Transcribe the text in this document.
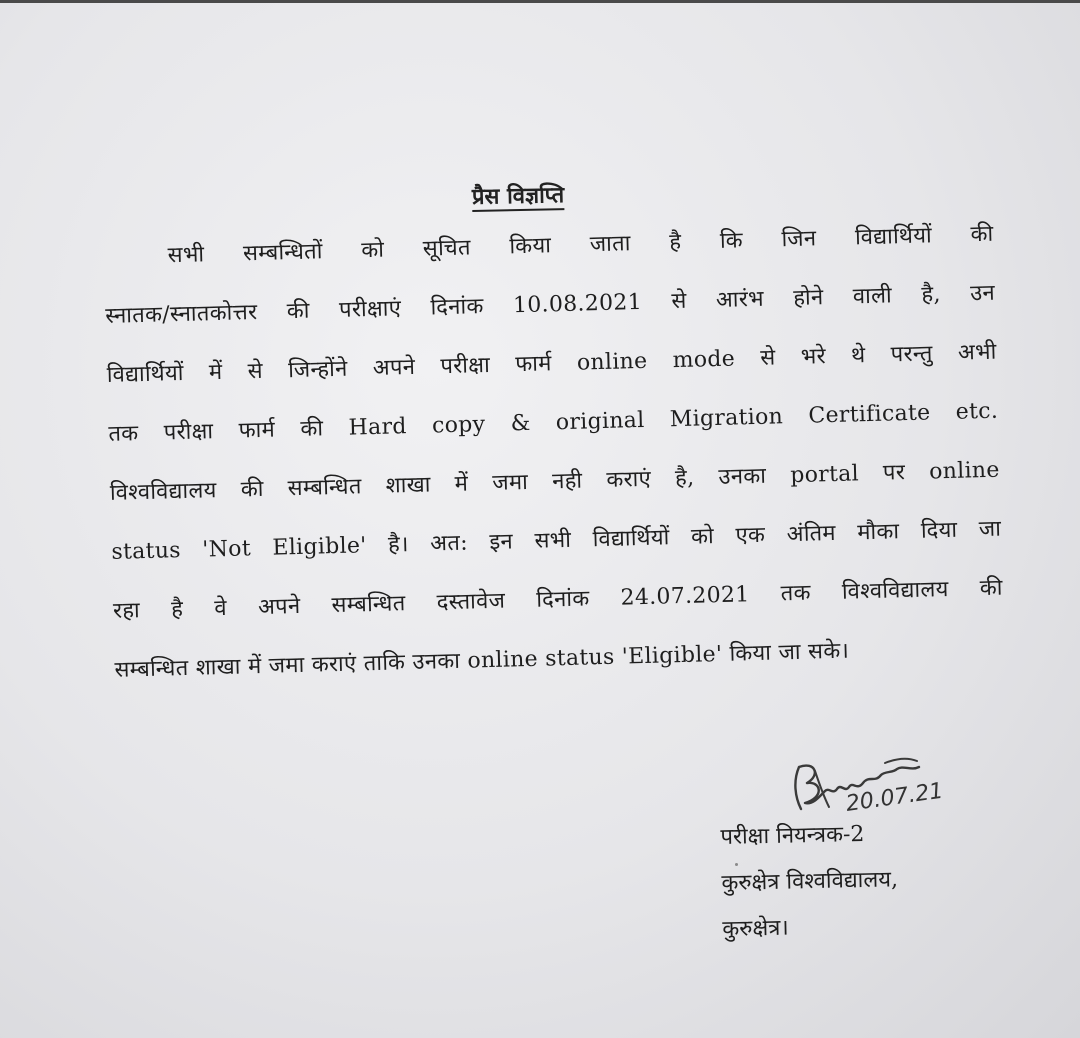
प्रैस विज्ञप्ति
सभी सम्बन्धितों को सूचित किया जाता है कि जिन विद्यार्थियों की
स्नातक/स्नातकोत्तर की परीक्षाएं दिनांक 10.08.2021 से आरंभ होने वाली है, उन
विद्यार्थियों में से जिन्होंने अपने परीक्षा फार्म online mode से भरे थे परन्तु अभी
तक परीक्षा फार्म की Hard copy & original Migration Certificate etc.
विश्वविद्यालय की सम्बन्धित शाखा में जमा नही कराएं है, उनका portal पर online
status 'Not Eligible' है। अत: इन सभी विद्यार्थियों को एक अंतिम मौका दिया जा
रहा है वे अपने सम्बन्धित दस्तावेज दिनांक 24.07.2021 तक विश्वविद्यालय की
सम्बन्धित शाखा में जमा कराएं ताकि उनका online status 'Eligible' किया जा सके।
20.07.21
परीक्षा नियन्त्रक-2
कुरुक्षेत्र विश्वविद्यालय,
कुरुक्षेत्र।
